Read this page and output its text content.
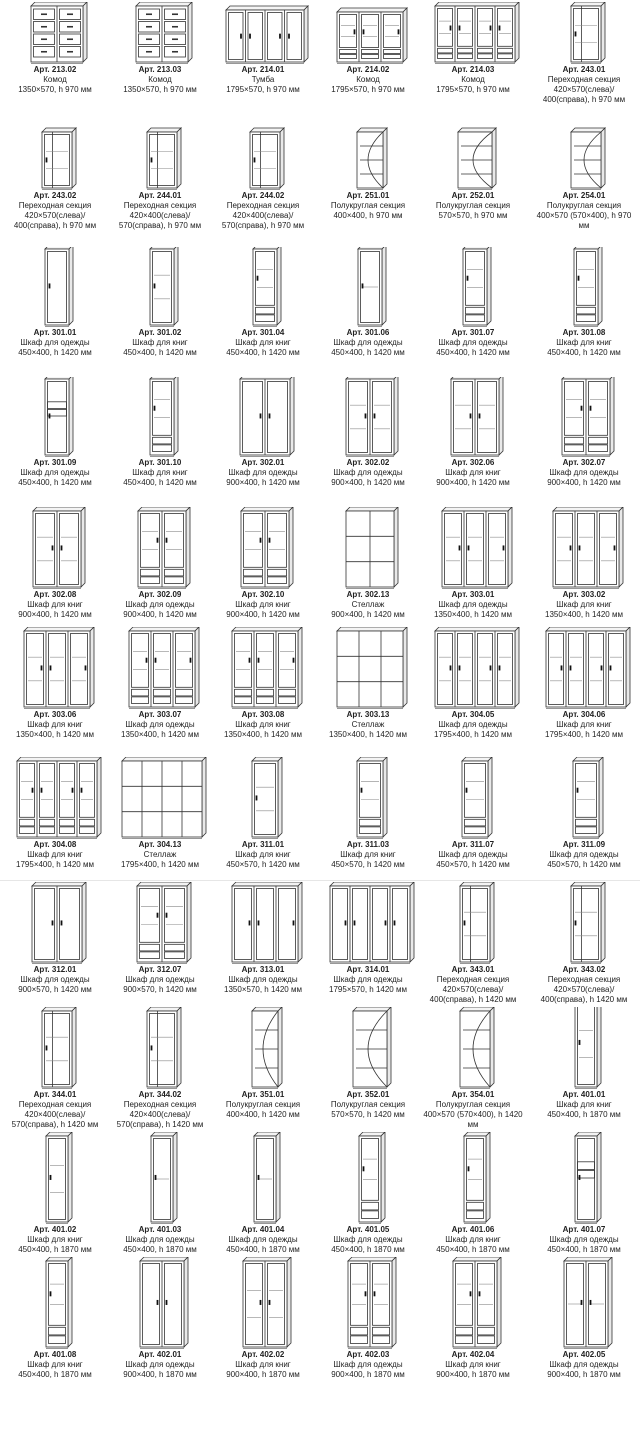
Арт. 213.02
Комод
1350×570, h 970 мм
Арт. 213.03
Комод
1350×570, h 970 мм
Арт. 214.01
Тумба
1795×570, h 970 мм
Арт. 214.02
Комод
1795×570, h 970 мм
Арт. 214.03
Комод
1795×570, h 970 мм
Арт. 243.01
Переходная секция 420×570(слева)/ 400(справа), h 970 мм
Арт. 243.02
Переходная секция 420×570(слева)/ 400(справа), h 970 мм
Арт. 244.01
Переходная секция 420×400(слева)/ 570(справа), h 970 мм
Арт. 244.02
Переходная секция 420×400(слева)/ 570(справа), h 970 мм
Арт. 251.01
Полукруглая секция
400×400, h 970 мм
Арт. 252.01
Полукруглая секция
570×570, h 970 мм
Арт. 254.01
Полукруглая секция 400×570 (570×400), h 970 мм
Арт. 301.01
Шкаф для одежды
450×400, h 1420 мм
Арт. 301.02
Шкаф для книг
450×400, h 1420 мм
Арт. 301.04
Шкаф для книг
450×400, h 1420 мм
Арт. 301.06
Шкаф для одежды
450×400, h 1420 мм
Арт. 301.07
Шкаф для одежды
450×400, h 1420 мм
Арт. 301.08
Шкаф для книг
450×400, h 1420 мм
Арт. 301.09
Шкаф для одежды
450×400, h 1420 мм
Арт. 301.10
Шкаф для книг
450×400, h 1420 мм
Арт. 302.01
Шкаф для одежды
900×400, h 1420 мм
Арт. 302.02
Шкаф для одежды
900×400, h 1420 мм
Арт. 302.06
Шкаф для книг
900×400, h 1420 мм
Арт. 302.07
Шкаф для одежды
900×400, h 1420 мм
Арт. 302.08
Шкаф для книг
900×400, h 1420 мм
Арт. 302.09
Шкаф для одежды
900×400, h 1420 мм
Арт. 302.10
Шкаф для книг
900×400, h 1420 мм
Арт. 302.13
Стеллаж
900×400, h 1420 мм
Арт. 303.01
Шкаф для одежды
1350×400, h 1420 мм
Арт. 303.02
Шкаф для книг
1350×400, h 1420 мм
Арт. 303.06
Шкаф для книг
1350×400, h 1420 мм
Арт. 303.07
Шкаф для одежды
1350×400, h 1420 мм
Арт. 303.08
Шкаф для книг
1350×400, h 1420 мм
Арт. 303.13
Стеллаж
1350×400, h 1420 мм
Арт. 304.05
Шкаф для одежды
1795×400, h 1420 мм
Арт. 304.06
Шкаф для книг
1795×400, h 1420 мм
Арт. 304.08
Шкаф для книг
1795×400, h 1420 мм
Арт. 304.13
Стеллаж
1795×400, h 1420 мм
Арт. 311.01
Шкаф для книг
450×570, h 1420 мм
Арт. 311.03
Шкаф для книг
450×570, h 1420 мм
Арт. 311.07
Шкаф для одежды
450×570, h 1420 мм
Арт. 311.09
Шкаф для одежды
450×570, h 1420 мм
Арт. 312.01
Шкаф для одежды
900×570, h 1420 мм
Арт. 312.07
Шкаф для одежды
900×570, h 1420 мм
Арт. 313.01
Шкаф для одежды
1350×570, h 1420 мм
Арт. 314.01
Шкаф для одежды
1795×570, h 1420 мм
Арт. 343.01
Переходная секция 420×570(слева)/ 400(справа), h 1420 мм
Арт. 343.02
Переходная секция 420×570(слева)/ 400(справа), h 1420 мм
Арт. 344.01
Переходная секция 420×400(слева)/ 570(справа), h 1420 мм
Арт. 344.02
Переходная секция 420×400(слева)/ 570(справа), h 1420 мм
Арт. 351.01
Полукруглая секция
400×400, h 1420 мм
Арт. 352.01
Полукруглая секция
570×570, h 1420 мм
Арт. 354.01
Полукруглая секция 400×570 (570×400), h 1420 мм
Арт. 401.01
Шкаф для книг
450×400, h 1870 мм
Арт. 401.02
Шкаф для книг
450×400, h 1870 мм
Арт. 401.03
Шкаф для одежды
450×400, h 1870 мм
Арт. 401.04
Шкаф для одежды
450×400, h 1870 мм
Арт. 401.05
Шкаф для одежды
450×400, h 1870 мм
Арт. 401.06
Шкаф для книг
450×400, h 1870 мм
Арт. 401.07
Шкаф для одежды
450×400, h 1870 мм
Арт. 401.08
Шкаф для книг
450×400, h 1870 мм
Арт. 402.01
Шкаф для одежды
900×400, h 1870 мм
Арт. 402.02
Шкаф для книг
900×400, h 1870 мм
Арт. 402.03
Шкаф для одежды
900×400, h 1870 мм
Арт. 402.04
Шкаф для книг
900×400, h 1870 мм
Арт. 402.05
Шкаф для одежды
900×400, h 1870 мм
